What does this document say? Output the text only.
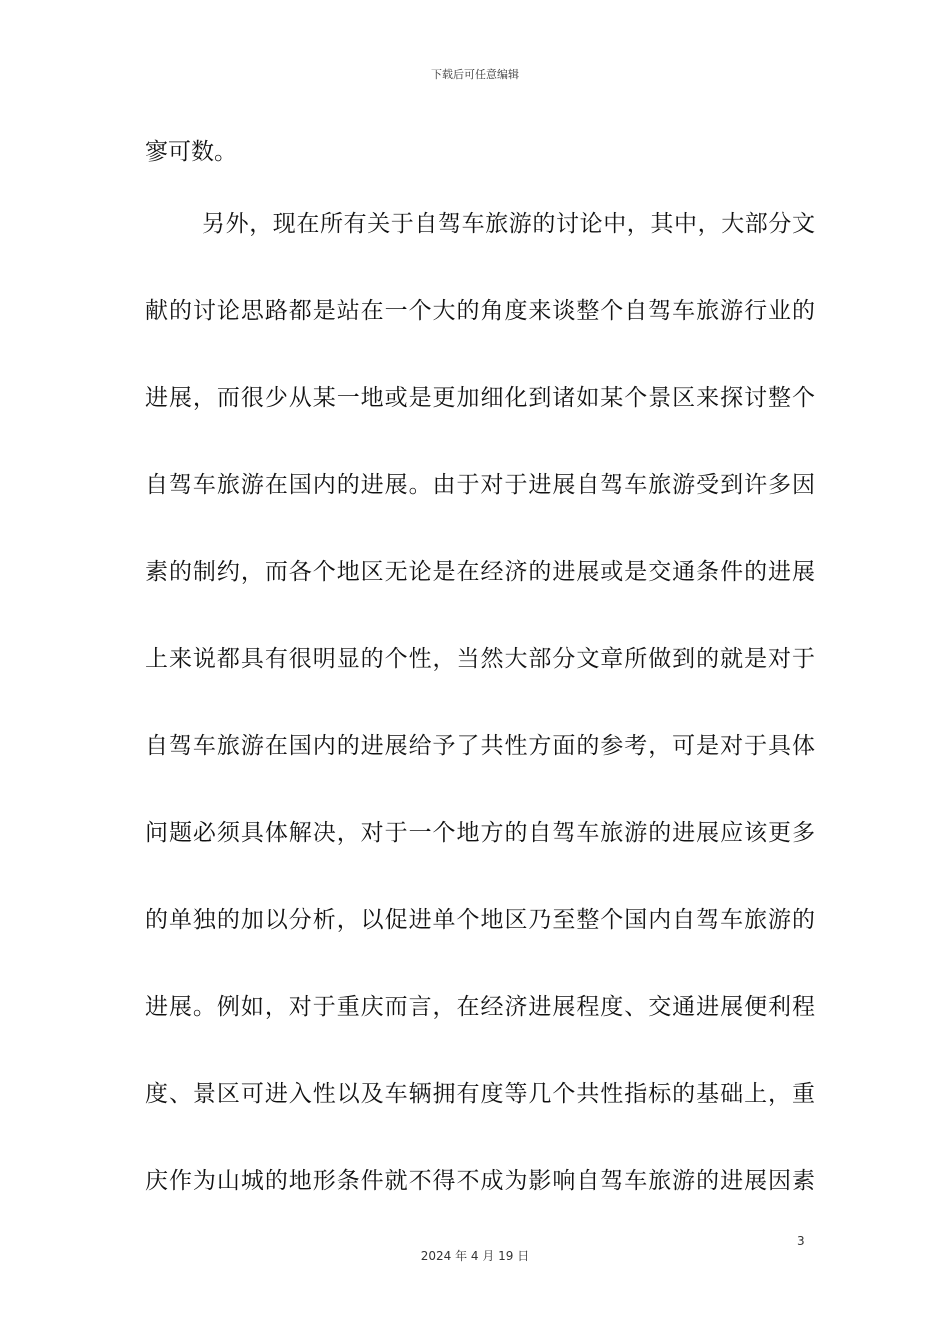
下载后可任意编辑
寥可数。
另外，现在所有关于自驾车旅游的讨论中，其中，大部分文
献的讨论思路都是站在一个大的角度来谈整个自驾车旅游行业的
进展，而很少从某一地或是更加细化到诸如某个景区来探讨整个
自驾车旅游在国内的进展。由于对于进展自驾车旅游受到许多因
素的制约，而各个地区无论是在经济的进展或是交通条件的进展
上来说都具有很明显的个性，当然大部分文章所做到的就是对于
自驾车旅游在国内的进展给予了共性方面的参考，可是对于具体
问题必须具体解决，对于一个地方的自驾车旅游的进展应该更多
的单独的加以分析，以促进单个地区乃至整个国内自驾车旅游的
进展。例如，对于重庆而言，在经济进展程度、交通进展便利程
度、景区可进入性以及车辆拥有度等几个共性指标的基础上，重
庆作为山城的地形条件就不得不成为影响自驾车旅游的进展因素
3
2024 年 4 月 19 日
